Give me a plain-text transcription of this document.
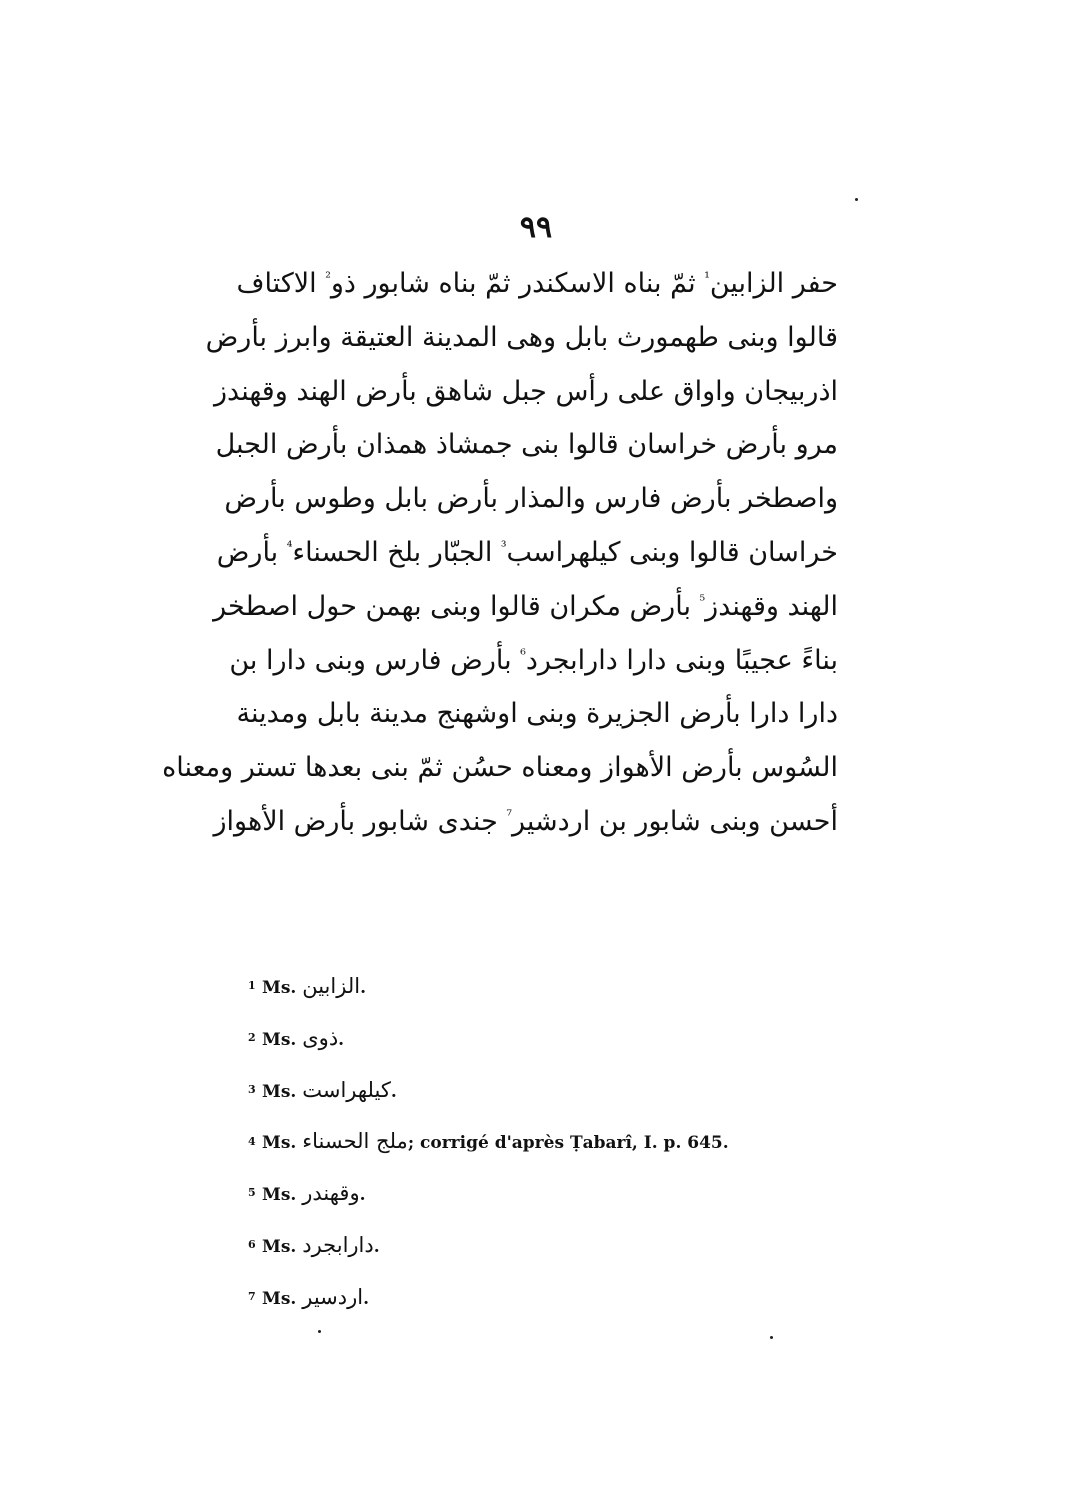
٩٩
حفر الزابين$^{^1}$ ثمّ بناه الاسكندر ثمّ بناه شابور ذو$^{^2}$ الاكتاف
قالوا وبنى طهمورث بابل وهى المدينة العتيقة وابرز بأرض
اذربيجان واواق على رأس جبل شاهق بأرض الهند وقهندز
مرو بأرض خراسان قالوا بنى جمشاذ همذان بأرض الجبل
واصطخر بأرض فارس والمذار بأرض بابل وطوس بأرض
خراسان قالوا وبنى كيلهراسب$^{^3}$ الجبّار بلخ الحسناء$^{^4}$ بأرض
الهند وقهندز$^{^5}$ بأرض مكران قالوا وبنى بهمن حول اصطخر
بناءً عجيبًا وبنى دارا دارابجرد$^{^6}$ بأرض فارس وبنى دارا بن
دارا دارا بأرض الجزيرة وبنى اوشهنج مدينة بابل ومدينة
السُوس بأرض الأهواز ومعناه حسُن ثمّ بنى بعدها تستر ومعناه
أحسن وبنى شابور بن اردشير$^{^7}$ جندى شابور بأرض الأهواز
1 Ms. الزابين.
2 Ms. ذوى.
3 Ms. كيلهراست.
4 Ms. ملج الحسناء; corrigé d'après Ṭabarî, I. p. 645.
5 Ms. وقهندر.
6 Ms. دارابجرد.
7 Ms. اردسير.
